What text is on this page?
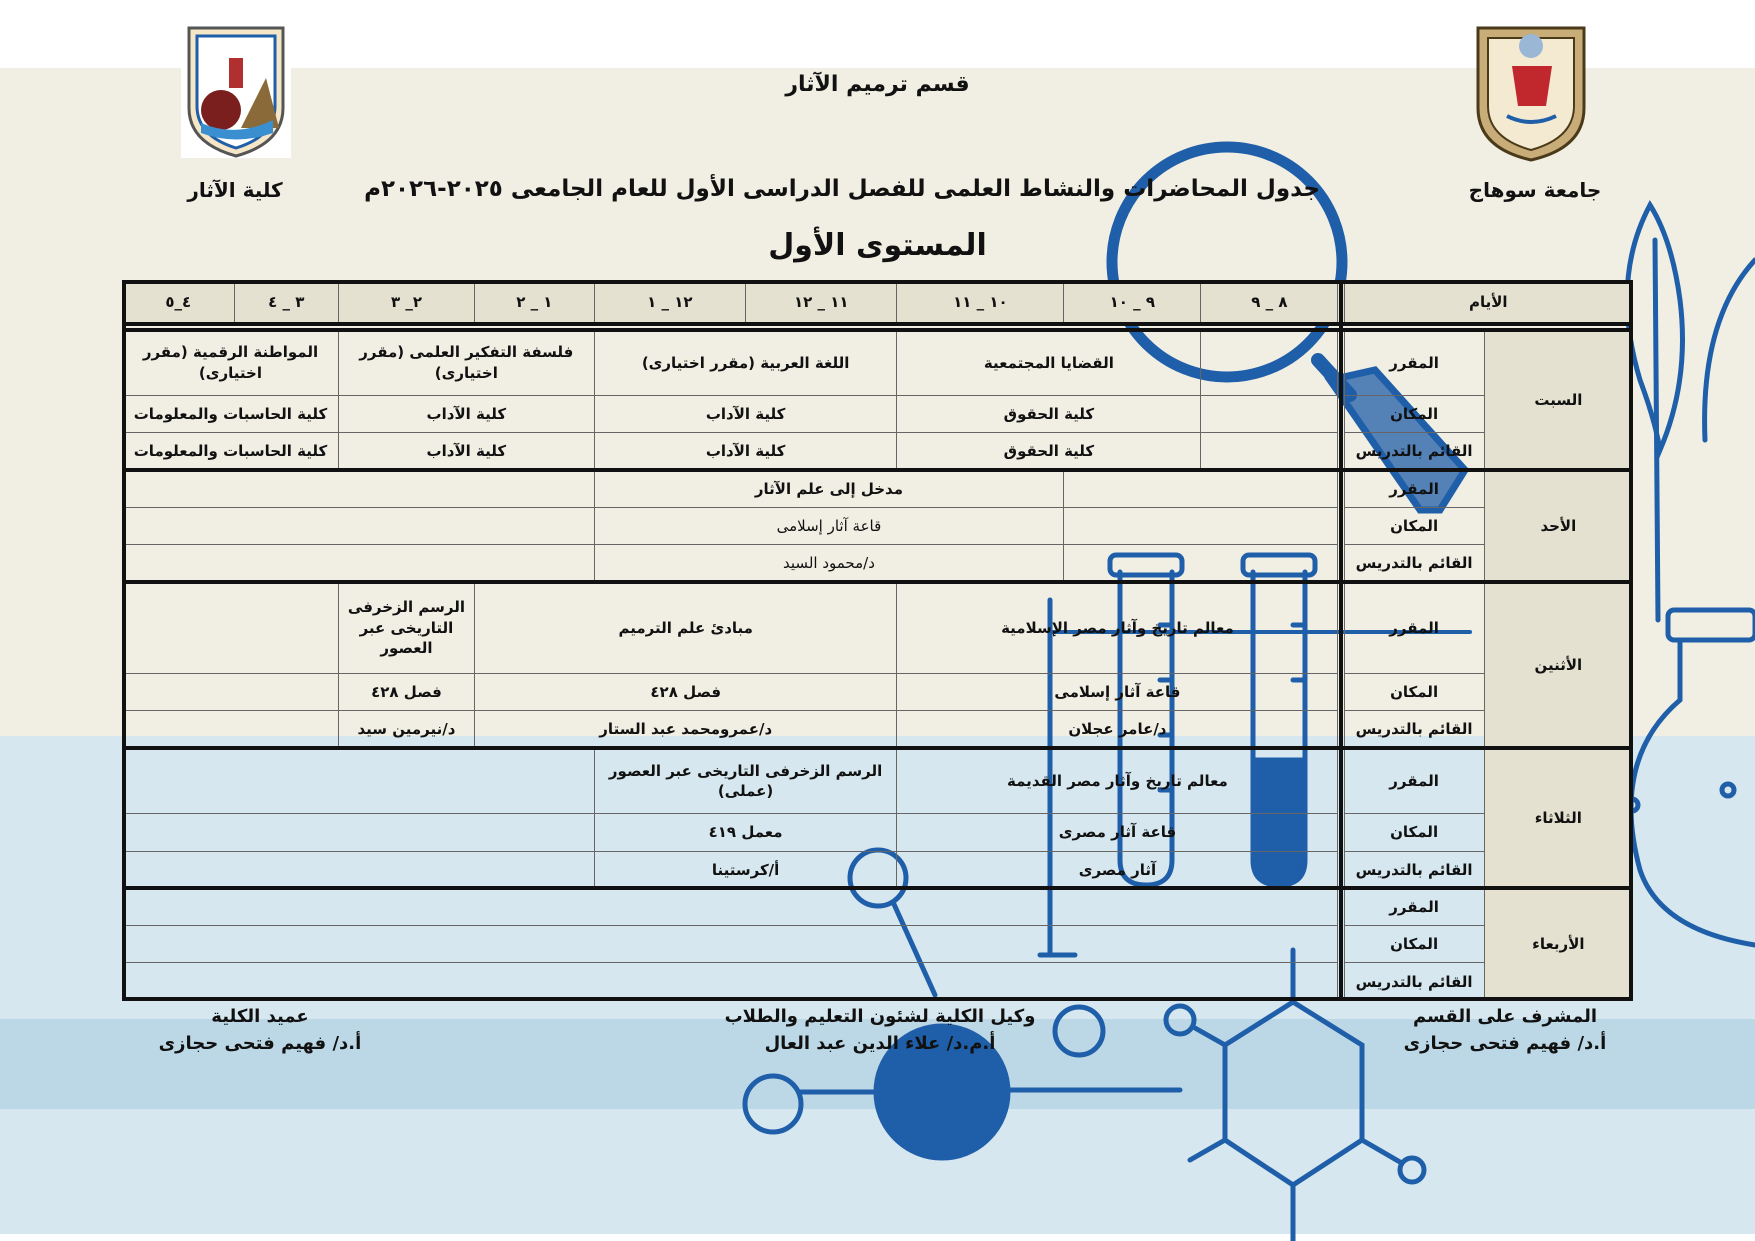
قسم ترميم الآثار
جامعة سوهاج
كلية الآثار	جدول المحاضرات والنشاط العلمى للفصل الدراسى الأول للعام الجامعى ٢٠٢٥-٢٠٢٦م
المستوى الأول
الأيام			٨ _ ٩	٩ _ ١٠	١٠ _ ١١	١١ _ ١٢	١٢ _ ١	١ _ ٢	٢_ ٣	٣ _ ٤	٤_٥

السبت	المقرر			القضايا المجتمعية		اللغة العربية (مقرر اختيارى)		فلسفة التفكير العلمى (مقرر اختيارى)		المواطنة الرقمية (مقرر اختيارى)	
	المكان			كلية الحقوق		كلية الآداب		كلية الآداب		كلية الحاسبات والمعلومات	
	القائم بالتدريس			كلية الحقوق		كلية الآداب		كلية الآداب		كلية الحاسبات والمعلومات	
الأحد	المقرر				مدخل إلى علم الآثار						
	المكان				قاعة آثار إسلامى						
	القائم بالتدريس				د/محمود السيد						
الأثنين	المقرر		معالم تاريخ وآثار مصر الإسلامية			مبادئ علم الترميم			الرسم الزخرفى التاريخى عبر العصور		
	المكان		قاعة آثار إسلامى			فصل ٤٢٨			فصل ٤٢٨		
	القائم بالتدريس		د/عامر عجلان			د/عمرومحمد عبد الستار			د/نيرمين سيد		
الثلاثاء	المقرر		معالم تاريخ وآثار مصر القديمة			الرسم الزخرفى التاريخى عبر العصور (عملى)					
	المكان		قاعة آثار مصرى			معمل ٤١٩					
	القائم بالتدريس		آثار مصرى			أ/كرستينا					
الأربعاء	المقرر										
	المكان										
	القائم بالتدريس										
المشرف على القسم
أ.د/ فهيم فتحى حجازى
وكيل الكلية لشئون التعليم والطلاب
أ.م.د/ علاء الدين عبد العال
عميد الكلية
أ.د/ فهيم فتحى حجازى
